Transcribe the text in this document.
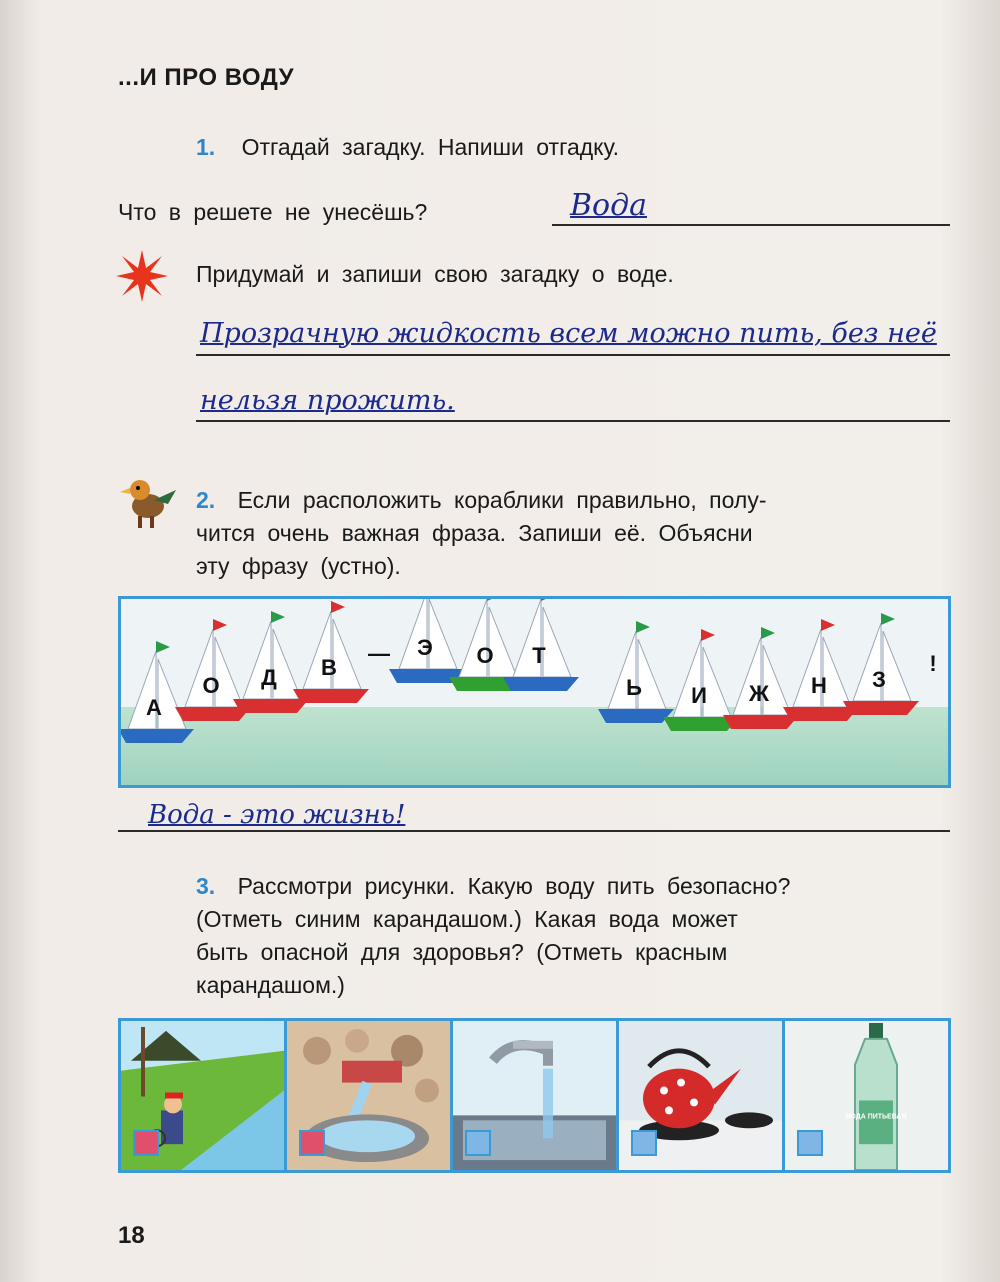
...И ПРО ВОДУ
1. Отгадай загадку. Напиши отгадку.
Что в решете не унесёшь?	Вода
Придумай и запиши свою загадку о воде.
Прозрачную жидкость всем можно пить, без неё
нельзя прожить.
2. Если расположить кораблики правильно, полу-
чится очень важная фраза. Запиши её. Объясни
эту фразу (устно).
А
О Д В
— Э О Т
Ь И Ж Н З
!
Вода - это жизнь!
3. Рассмотри рисунки. Какую воду пить безопасно?
(Отметь синим карандашом.) Какая вода может
быть опасной для здоровья? (Отметь красным
карандашом.)
ВОДА ПИТЬЕВАЯ
18
